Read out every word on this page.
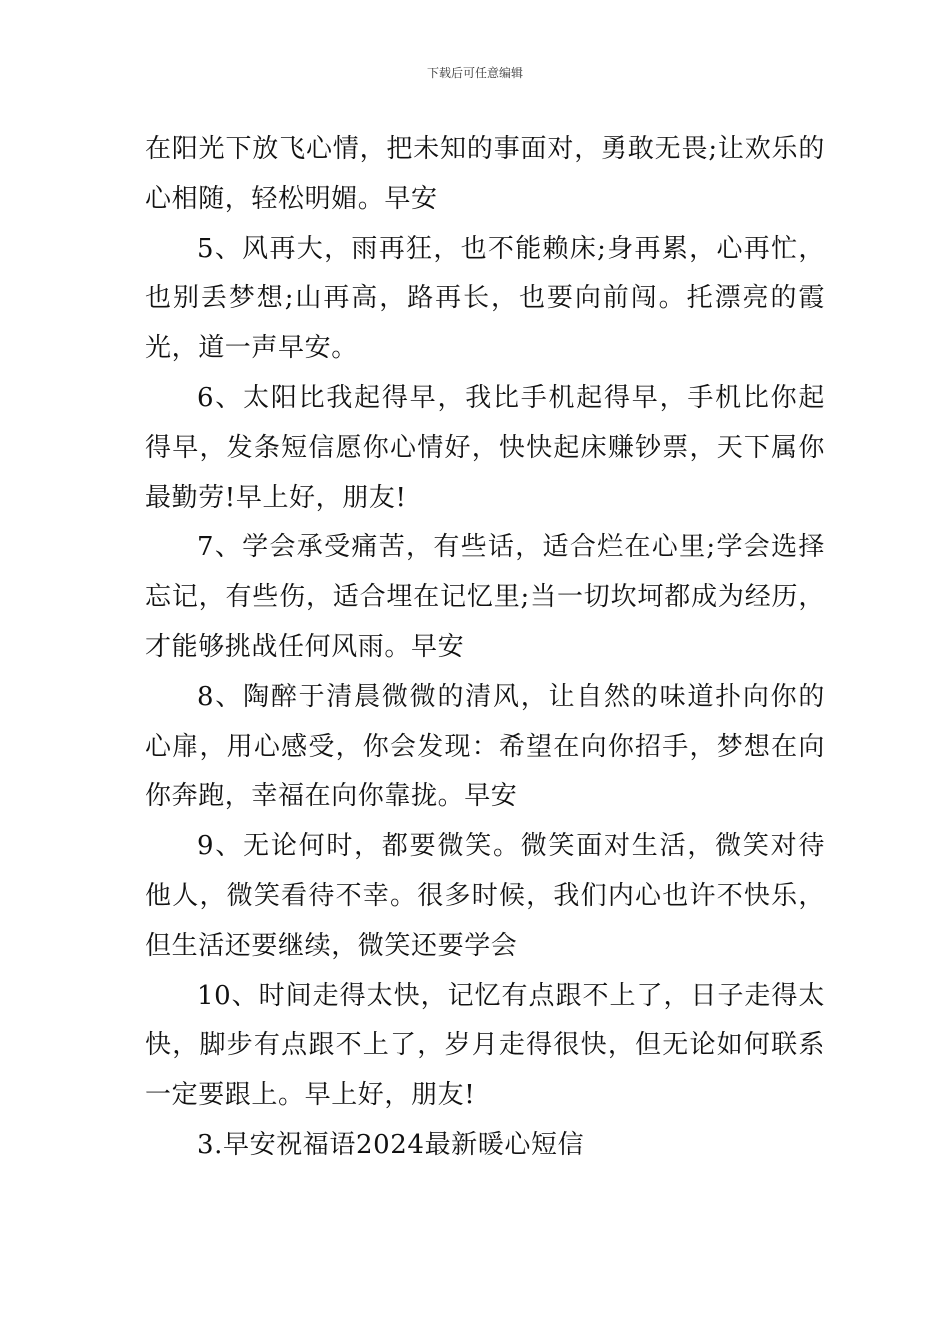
下载后可任意编辑

在阳光下放飞心情，把未知的事面对，勇敢无畏;让欢乐的心相随，轻松明媚。早安

5、风再大，雨再狂，也不能赖床;身再累，心再忙，也别丢梦想;山再高，路再长，也要向前闯。托漂亮的霞光，道一声早安。

6、太阳比我起得早，我比手机起得早，手机比你起得早，发条短信愿你心情好，快快起床赚钞票，天下属你最勤劳!早上好，朋友!

7、学会承受痛苦，有些话，适合烂在心里;学会选择忘记，有些伤，适合埋在记忆里;当一切坎坷都成为经历，才能够挑战任何风雨。早安

8、陶醉于清晨微微的清风，让自然的味道扑向你的心扉，用心感受，你会发现：希望在向你招手，梦想在向你奔跑，幸福在向你靠拢。早安

9、无论何时，都要微笑。微笑面对生活，微笑对待他人，微笑看待不幸。很多时候，我们内心也许不快乐，但生活还要继续，微笑还要学会

10、时间走得太快，记忆有点跟不上了，日子走得太快，脚步有点跟不上了，岁月走得很快，但无论如何联系一定要跟上。早上好，朋友!

3.早安祝福语2024最新暖心短信
